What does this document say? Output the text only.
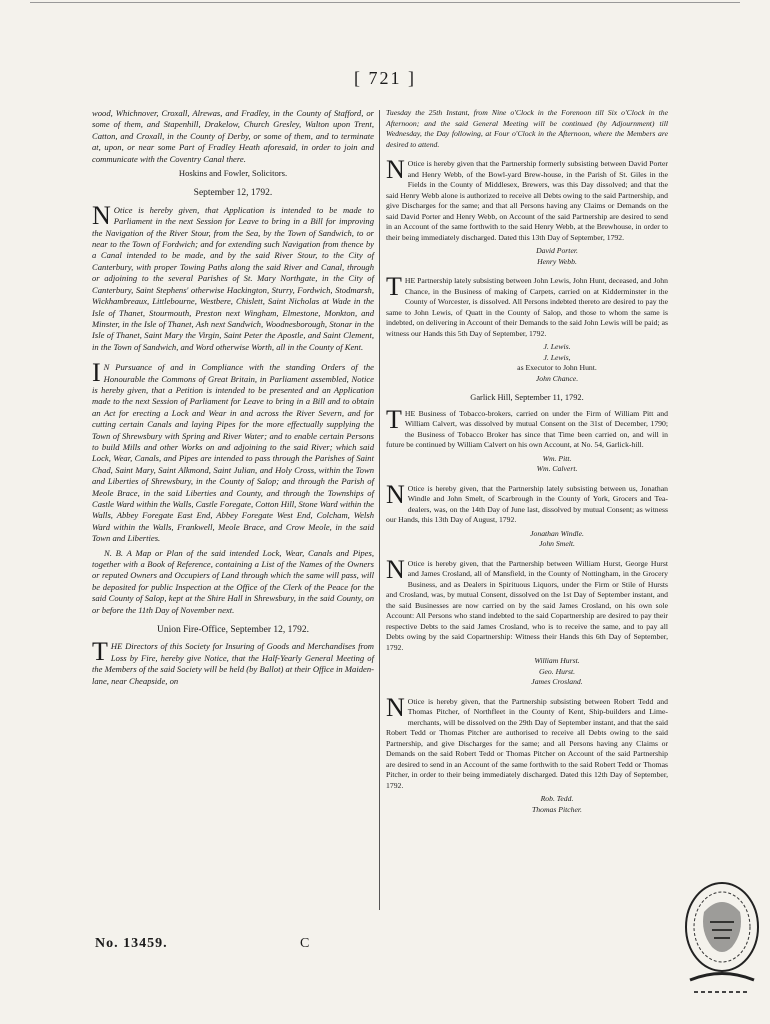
[ 721 ]

wood, Whichnover, Croxall, Alrewas, and Fradley, in the County of Stafford, or some of them, and Stapenhill, Drakelow, Church Gresley, Walton upon Trent, Catton, and Croxall, in the County of Derby, or some of them, and to terminate at, upon, or near some Part of Fradley Heath aforesaid, in order to join and communicate with the Coventry Canal there.

Hoskins and Fowler, Solicitors.

September 12, 1792.

N Otice is hereby given, that Application is intended to be made to Parliament in the next Session for Leave to bring in a Bill for improving the Navigation of the River Stour, from the Sea, by the Town of Sandwich, to or near to the Town of Fordwich; and for extending such Navigation from thence by a Canal intended to be made, and by the said River Stour, to the City of Canterbury, with proper Towing Paths along the said River and Canal, through or adjoining to the several Parishes of St. Mary Northgate, in the City of Canterbury, Saint Stephens' otherwise Hackington, Sturry, Fordwich, Stodmarsh, Wickhambreaux, Littlebourne, Westbere, Chislett, Saint Nicholas at Wade in the Isle of Thanet, Stourmouth, Preston next Wingham, Elmestone, Monkton, and Minster, in the Isle of Thanet, Ash next Sandwich, Woodnesborough, Stonar in the Isle of Thanet, Saint Mary the Virgin, Saint Peter the Apostle, and Saint Clement, in the Town of Sandwich, and Word otherwise Worth, all in the County of Kent.

I N Pursuance of and in Compliance with the standing Orders of the Honourable the Commons of Great Britain, in Parliament assembled, Notice is hereby given, that a Petition is intended to be presented and an Application made to the next Session of Parliament for Leave to bring in a Bill and to obtain an Act for erecting a Lock and Wear in and across the River Severn, and for cutting certain Canals and laying Pipes for the more effectually supplying the Town of Shrewsbury with Spring and River Water; and to enable certain Persons to build Mills and other Works on and adjoining to the said River; which said Lock, Wear, Canals, and Pipes are intended to pass through the Parishes of Saint Chad, Saint Mary, Saint Alkmond, Saint Julian, and Holy Cross, within the Town and Liberties of Shrewsbury, in the County of Salop; and through the Parish of Meole Brace, in the said Liberties and County, and through the Townships of Castle Ward within the Walls, Castle Foregate, Cotton Hill, Stone Ward within the Walls, Abbey Foregate East End, Abbey Foregate West End, Colcham, Welsh Ward within the Walls, Frankwell, Meole Brace, and Crow Meole, in the said Town and Liberties.

N. B. A Map or Plan of the said intended Lock, Wear, Canals and Pipes, together with a Book of Reference, containing a List of the Names of the Owners or reputed Owners and Occupiers of Land through which the same will pass, will be deposited for public Inspection at the Office of the Clerk of the Peace for the said County of Salop, kept at the Shire Hall in Shrewsbury, in the said County, on or before the 11th Day of November next.

Union Fire-Office, September 12, 1792.

THE Directors of this Society for Insuring of Goods and Merchandises from Loss by Fire, hereby give Notice, that the Half-Yearly General Meeting of the Members of the said Society will be held (by Ballot) at their Office in Maiden-lane, near Cheapside, on

Tuesday the 25th Instant, from Nine o'Clock in the Forenoon till Six o'Clock in the Afternoon; and the said General Meeting will be continued (by Adjournment) till Wednesday, the Day following, at Four o'Clock in the Afternoon, where the Members are desired to attend.

N Otice is hereby given that the Partnership formerly subsisting between David Porter and Henry Webb, of the Bowl-yard Brew-house, in the Parish of St. Giles in the Fields in the County of Middlesex, Brewers, was this Day dissolved; and that the said Henry Webb alone is authorized to receive all Debts owing to the said Partnership, and give Discharges for the same; and that all Persons having any Claims or Demands on the said David Porter and Henry Webb, on Account of the said Partnership are desired to send in an Account of the same forthwith to the said Henry Webb, at the Brewhouse, in order to their being immediately discharged. Dated this 13th Day of September, 1792.

David Porter.

Henry Webb.

THE Partnership lately subsisting between John Lewis, John Hunt, deceased, and John Chance, in the Business of making of Carpets, carried on at Kidderminster in the County of Worcester, is dissolved. All Persons indebted thereto are desired to pay the same to John Lewis, of Quatt in the County of Salop, and those to whom the same is indebted, on delivering in Account of their Demands to the said John Lewis will be paid; as witness our Hands this 5th Day of September, 1792.

J. Lewis.

J. Lewis,

as Executor to John Hunt.

John Chance.

Garlick Hill, September 11, 1792.

THE Business of Tobacco-brokers, carried on under the Firm of William Pitt and William Calvert, was dissolved by mutual Consent on the 31st of December, 1790; the Business of Tobacco Broker has since that Time been carried on, and will in future be continued by William Calvert on his own Account, at No. 54, Garlick-hill.

Wm. Pitt.

Wm. Calvert.

N Otice is hereby given, that the Partnership lately subsisting between us, Jonathan Windle and John Smelt, of Scarbrough in the County of York, Grocers and Tea-dealers, was, on the 14th Day of June last, dissolved by mutual Consent; as witness our Hands, this 13th Day of August, 1792.

Jonathan Windle.

John Smelt.

N Otice is hereby given, that the Partnership between William Hurst, George Hurst and James Crosland, all of Mansfield, in the County of Nottingham, in the Grocery Business, and as Dealers in Spirituous Liquors, under the Firm or Stile of Hursts and Crosland, was, by mutual Consent, dissolved on the 1st Day of September instant, and the said Businesses are now carried on by the said James Crosland, on his own sole Account: All Persons who stand indebted to the said Copartnership are desired to pay their respective Debts to the said James Crosland, who is to receive the same, and to pay all Debts owing by the said Copartnership: Witness their Hands this 6th Day of September, 1792.

William Hurst.

Geo. Hurst.

James Crosland.

N Otice is hereby given, that the Partnership subsisting between Robert Tedd and Thomas Pitcher, of Northfleet in the County of Kent, Ship-builders and Lime-merchants, will be dissolved on the 29th Day of September instant, and that the said Robert Tedd or Thomas Pitcher are authorised to receive all Debts owing to the said Partnership, and give Discharges for the same; and all Persons having any Claims or Demands on the said Robert Tedd or Thomas Pitcher on Account of the said Partnership are desired to send in an Account of the same forthwith to the said Robert Tedd or Thomas Pitcher, in order to their being immediately discharged. Dated this 12th Day of September, 1792.

Rob. Tedd.

Thomas Pitcher.

No. 13459.	C
